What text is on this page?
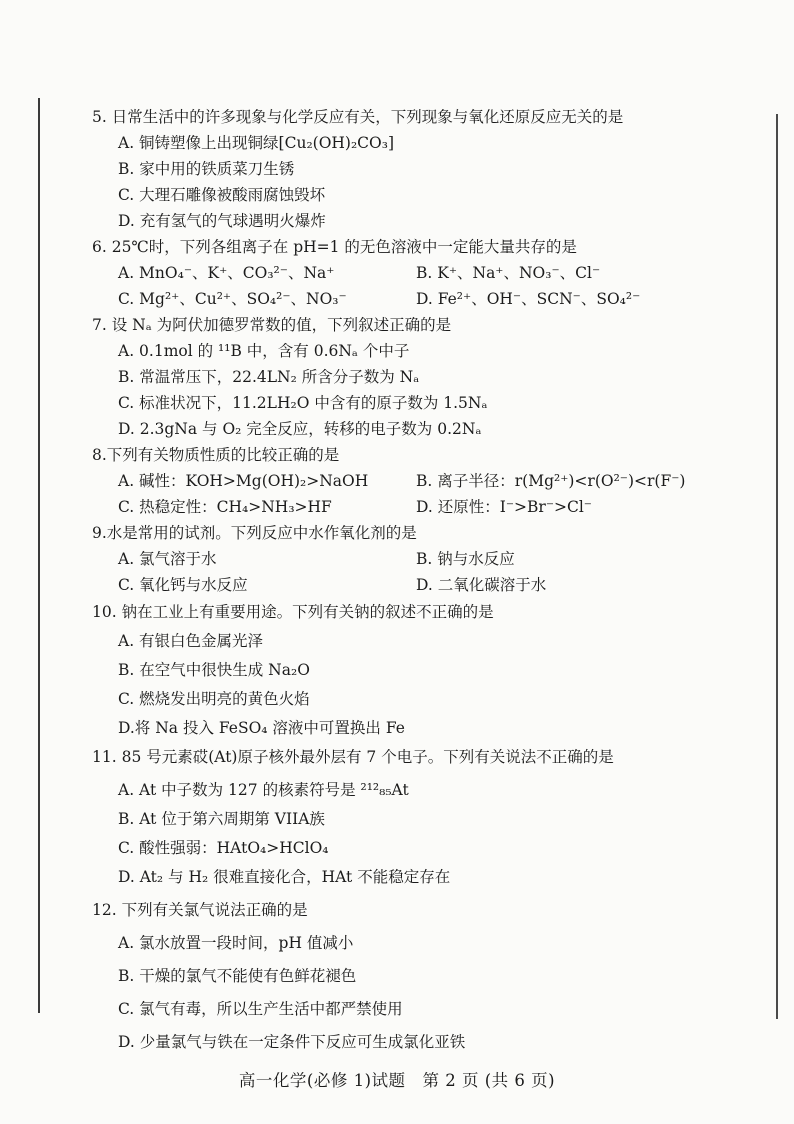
5. 日常生活中的许多现象与化学反应有关，下列现象与氧化还原反应无关的是
A. 铜铸塑像上出现铜绿[Cu₂(OH)₂CO₃]
B. 家中用的铁质菜刀生锈
C. 大理石雕像被酸雨腐蚀毁坏
D. 充有氢气的气球遇明火爆炸
6. 25℃时，下列各组离子在 pH=1 的无色溶液中一定能大量共存的是
A. MnO₄⁻、K⁺、CO₃²⁻、Na⁺	B. K⁺、Na⁺、NO₃⁻、Cl⁻
C. Mg²⁺、Cu²⁺、SO₄²⁻、NO₃⁻	D. Fe²⁺、OH⁻、SCN⁻、SO₄²⁻
7. 设 Nₐ 为阿伏加德罗常数的值，下列叙述正确的是
A. 0.1mol 的 ¹¹B 中，含有 0.6Nₐ 个中子
B. 常温常压下，22.4LN₂ 所含分子数为 Nₐ
C. 标准状况下，11.2LH₂O 中含有的原子数为 1.5Nₐ
D. 2.3gNa 与 O₂ 完全反应，转移的电子数为 0.2Nₐ
8.下列有关物质性质的比较正确的是
A. 碱性：KOH>Mg(OH)₂>NaOH	B. 离子半径：r(Mg²⁺)<r(O²⁻)<r(F⁻)
C. 热稳定性：CH₄>NH₃>HF	D. 还原性：I⁻>Br⁻>Cl⁻
9.水是常用的试剂。下列反应中水作氧化剂的是
A. 氯气溶于水	B. 钠与水反应
C. 氧化钙与水反应	D. 二氧化碳溶于水
10. 钠在工业上有重要用途。下列有关钠的叙述不正确的是
A. 有银白色金属光泽
B. 在空气中很快生成 Na₂O
C. 燃烧发出明亮的黄色火焰
D.将 Na 投入 FeSO₄ 溶液中可置换出 Fe
11. 85 号元素砹(At)原子核外最外层有 7 个电子。下列有关说法不正确的是
A. At 中子数为 127 的核素符号是 ²¹²₈₅At
B. At 位于第六周期第 VIIA族
C. 酸性强弱：HAtO₄>HClO₄
D. At₂ 与 H₂ 很难直接化合，HAt 不能稳定存在
12. 下列有关氯气说法正确的是
A. 氯水放置一段时间，pH 值减小
B. 干燥的氯气不能使有色鲜花褪色
C. 氯气有毒，所以生产生活中都严禁使用
D. 少量氯气与铁在一定条件下反应可生成氯化亚铁
高一化学(必修 1)试题　第 2 页 (共 6 页)
